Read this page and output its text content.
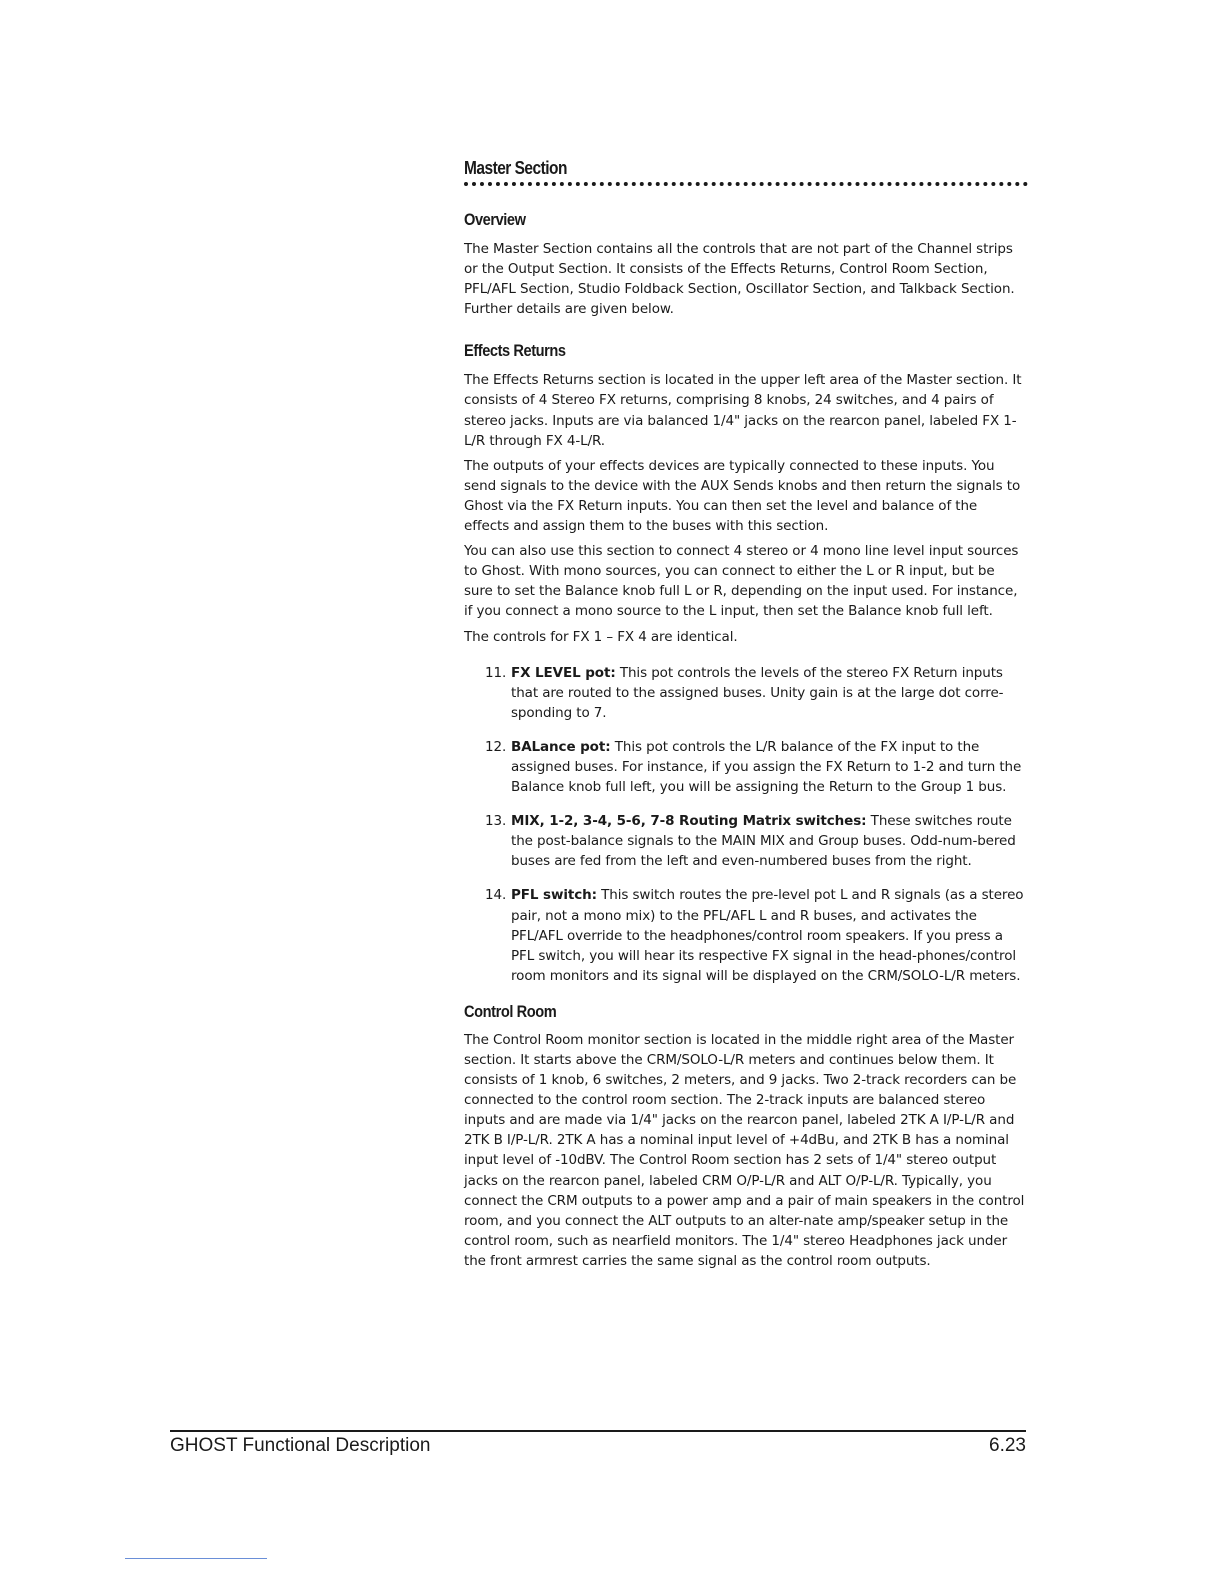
Master Section
Overview

The Master Section contains all the controls that are not part of the Channel strips or the Output Section. It consists of the Effects Returns, Control Room Section, PFL/AFL Section, Studio Foldback Section, Oscillator Section, and Talkback Section. Further details are given below.

Effects Returns

The Effects Returns section is located in the upper left area of the Master section. It consists of 4 Stereo FX returns, comprising 8 knobs, 24 switches, and 4 pairs of stereo jacks. Inputs are via balanced 1/4" jacks on the rearcon panel, labeled FX 1-L/R through FX 4-L/R.

The outputs of your effects devices are typically connected to these inputs. You send signals to the device with the AUX Sends knobs and then return the signals to Ghost via the FX Return inputs. You can then set the level and balance of the effects and assign them to the buses with this section.

You can also use this section to connect 4 stereo or 4 mono line level input sources to Ghost. With mono sources, you can connect to either the L or R input, but be sure to set the Balance knob full L or R, depending on the input used. For instance, if you connect a mono source to the L input, then set the Balance knob full left.

The controls for FX 1 – FX 4 are identical.

11. FX LEVEL pot: This pot controls the levels of the stereo FX Return inputs that are routed to the assigned buses. Unity gain is at the large dot corre-sponding to 7.
12. BALance pot: This pot controls the L/R balance of the FX input to the assigned buses. For instance, if you assign the FX Return to 1-2 and turn the Balance knob full left, you will be assigning the Return to the Group 1 bus.
13. MIX, 1-2, 3-4, 5-6, 7-8 Routing Matrix switches: These switches route the post-balance signals to the MAIN MIX and Group buses. Odd-num-bered buses are fed from the left and even-numbered buses from the right.
14. PFL switch: This switch routes the pre-level pot L and R signals (as a stereo pair, not a mono mix) to the PFL/AFL L and R buses, and activates the PFL/AFL override to the headphones/control room speakers. If you press a PFL switch, you will hear its respective FX signal in the head-phones/control room monitors and its signal will be displayed on the CRM/SOLO-L/R meters.
Control Room

The Control Room monitor section is located in the middle right area of the Master section. It starts above the CRM/SOLO-L/R meters and continues below them. It consists of 1 knob, 6 switches, 2 meters, and 9 jacks. Two 2-track recorders can be connected to the control room section. The 2-track inputs are balanced stereo inputs and are made via 1/4" jacks on the rearcon panel, labeled 2TK A I/P-L/R and 2TK B I/P-L/R. 2TK A has a nominal input level of +4dBu, and 2TK B has a nominal input level of -10dBV. The Control Room section has 2 sets of 1/4" stereo output jacks on the rearcon panel, labeled CRM O/P-L/R and ALT O/P-L/R. Typically, you connect the CRM outputs to a power amp and a pair of main speakers in the control room, and you connect the ALT outputs to an alter-nate amp/speaker setup in the control room, such as nearfield monitors. The 1/4" stereo Headphones jack under the front armrest carries the same signal as the control room outputs.

GHOST Functional Description	6.23
